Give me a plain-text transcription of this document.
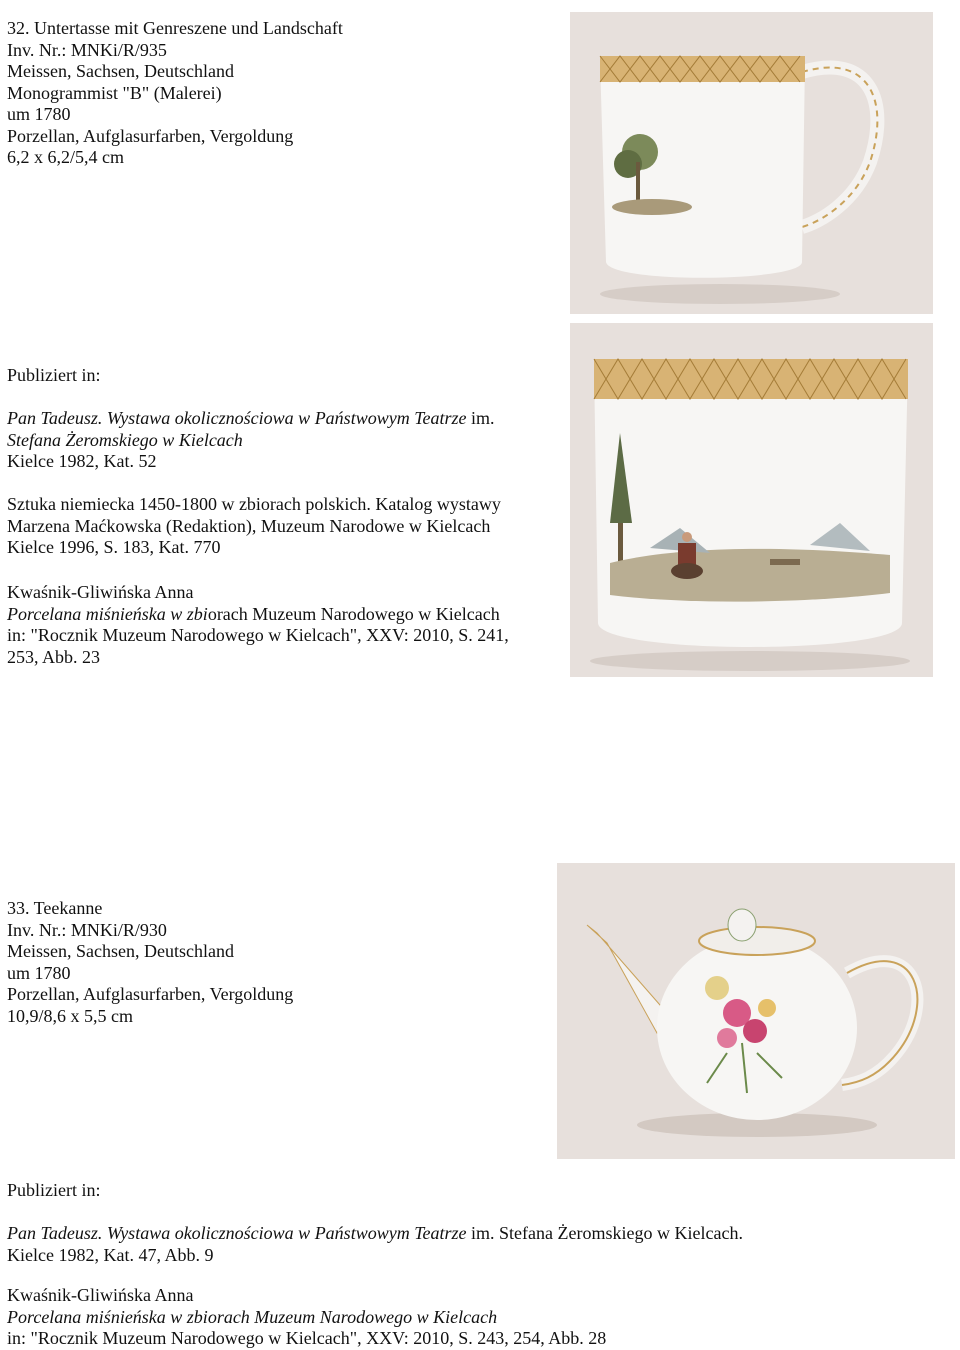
32. Untertasse mit Genreszene und Landschaft
Inv. Nr.: MNKi/R/935
Meissen, Sachsen, Deutschland
Monogrammist "B" (Malerei)
um 1780
Porzellan, Aufglasurfarben, Vergoldung
6,2 x 6,2/5,4 cm
Publiziert in:
Pan Tadeusz. Wystawa okolicznościowa w Państwowym Teatrze im.
Stefana Żeromskiego w Kielcach
Kielce 1982, Kat. 52
Sztuka niemiecka 1450-1800 w zbiorach polskich. Katalog wystawy
Marzena Maćkowska (Redaktion), Muzeum Narodowe w Kielcach
Kielce 1996, S. 183, Kat. 770
Kwaśnik-Gliwińska Anna
Porcelana miśnieńska w zbiorach Muzeum Narodowego w Kielcach
in: "Rocznik Muzeum Narodowego w Kielcach", XXV: 2010, S. 241,
253, Abb. 23
33. Teekanne
Inv. Nr.: MNKi/R/930
Meissen, Sachsen, Deutschland
um 1780
Porzellan, Aufglasurfarben, Vergoldung
10,9/8,6 x 5,5 cm
Publiziert in:
Pan Tadeusz. Wystawa okolicznościowa w Państwowym Teatrze im. Stefana Żeromskiego w Kielcach.
Kielce 1982, Kat. 47, Abb. 9
Kwaśnik-Gliwińska Anna
Porcelana miśnieńska w zbiorach Muzeum Narodowego w Kielcach
in: "Rocznik Muzeum Narodowego w Kielcach", XXV: 2010, S. 243, 254, Abb. 28
